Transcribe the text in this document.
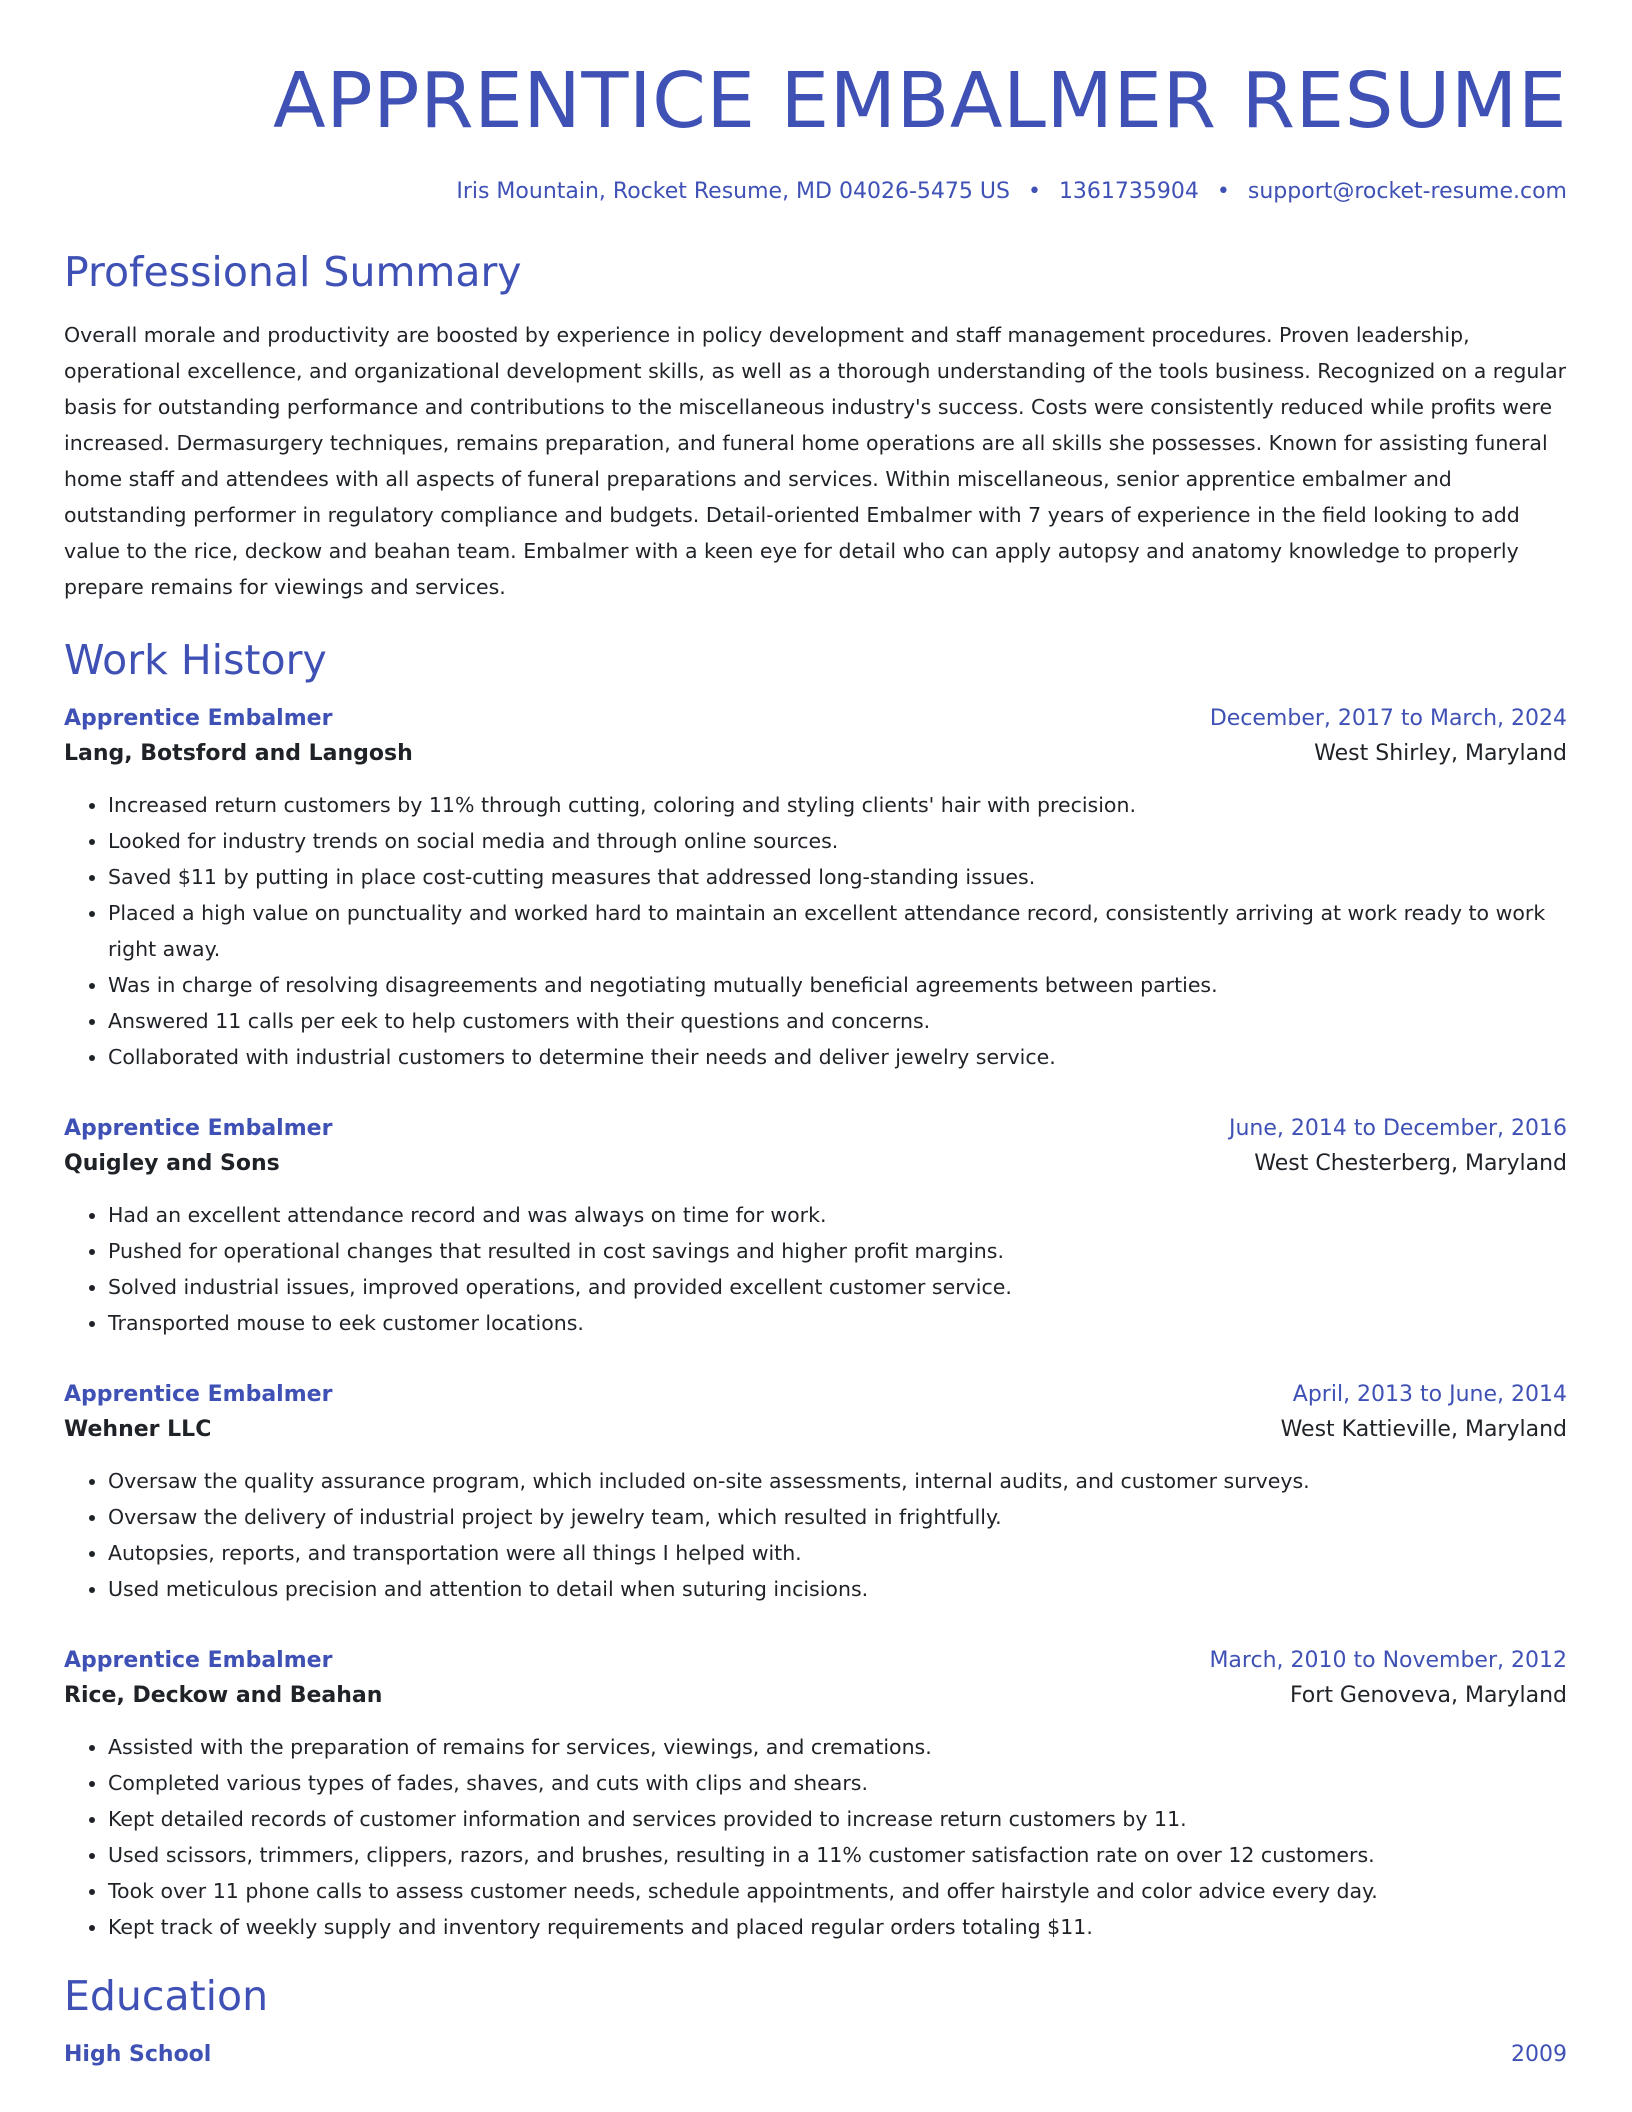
APPRENTICE EMBALMER RESUME
Iris Mountain, Rocket Resume, MD 04026-5475 US • 1361735904 • support@rocket-resume.com
Professional Summary

Overall morale and productivity are boosted by experience in policy development and staff management procedures. Proven leadership, operational excellence, and organizational development skills, as well as a thorough understanding of the tools business. Recognized on a regular basis for outstanding performance and contributions to the miscellaneous industry's success. Costs were consistently reduced while profits were increased. Dermasurgery techniques, remains preparation, and funeral home operations are all skills she possesses. Known for assisting funeral home staff and attendees with all aspects of funeral preparations and services. Within miscellaneous, senior apprentice embalmer and outstanding performer in regulatory compliance and budgets. Detail-oriented Embalmer with 7 years of experience in the field looking to add value to the rice, deckow and beahan team. Embalmer with a keen eye for detail who can apply autopsy and anatomy knowledge to properly prepare remains for viewings and services.

Work History
Apprentice Embalmer	December, 2017 to March, 2024
Lang, Botsford and Langosh	West Shirley, Maryland
• Increased return customers by 11% through cutting, coloring and styling clients' hair with precision.
• Looked for industry trends on social media and through online sources.
• Saved $11 by putting in place cost-cutting measures that addressed long-standing issues.
• Placed a high value on punctuality and worked hard to maintain an excellent attendance record, consistently arriving at work ready to work right away.
• Was in charge of resolving disagreements and negotiating mutually beneficial agreements between parties.
• Answered 11 calls per eek to help customers with their questions and concerns.
• Collaborated with industrial customers to determine their needs and deliver jewelry service.
Apprentice Embalmer	June, 2014 to December, 2016
Quigley and Sons	West Chesterberg, Maryland
• Had an excellent attendance record and was always on time for work.
• Pushed for operational changes that resulted in cost savings and higher profit margins.
• Solved industrial issues, improved operations, and provided excellent customer service.
• Transported mouse to eek customer locations.
Apprentice Embalmer	April, 2013 to June, 2014
Wehner LLC	West Kattieville, Maryland
• Oversaw the quality assurance program, which included on-site assessments, internal audits, and customer surveys.
• Oversaw the delivery of industrial project by jewelry team, which resulted in frightfully.
• Autopsies, reports, and transportation were all things I helped with.
• Used meticulous precision and attention to detail when suturing incisions.
Apprentice Embalmer	March, 2010 to November, 2012
Rice, Deckow and Beahan	Fort Genoveva, Maryland
• Assisted with the preparation of remains for services, viewings, and cremations.
• Completed various types of fades, shaves, and cuts with clips and shears.
• Kept detailed records of customer information and services provided to increase return customers by 11.
• Used scissors, trimmers, clippers, razors, and brushes, resulting in a 11% customer satisfaction rate on over 12 customers.
• Took over 11 phone calls to assess customer needs, schedule appointments, and offer hairstyle and color advice every day.
• Kept track of weekly supply and inventory requirements and placed regular orders totaling $11.
Education
High School	2009
